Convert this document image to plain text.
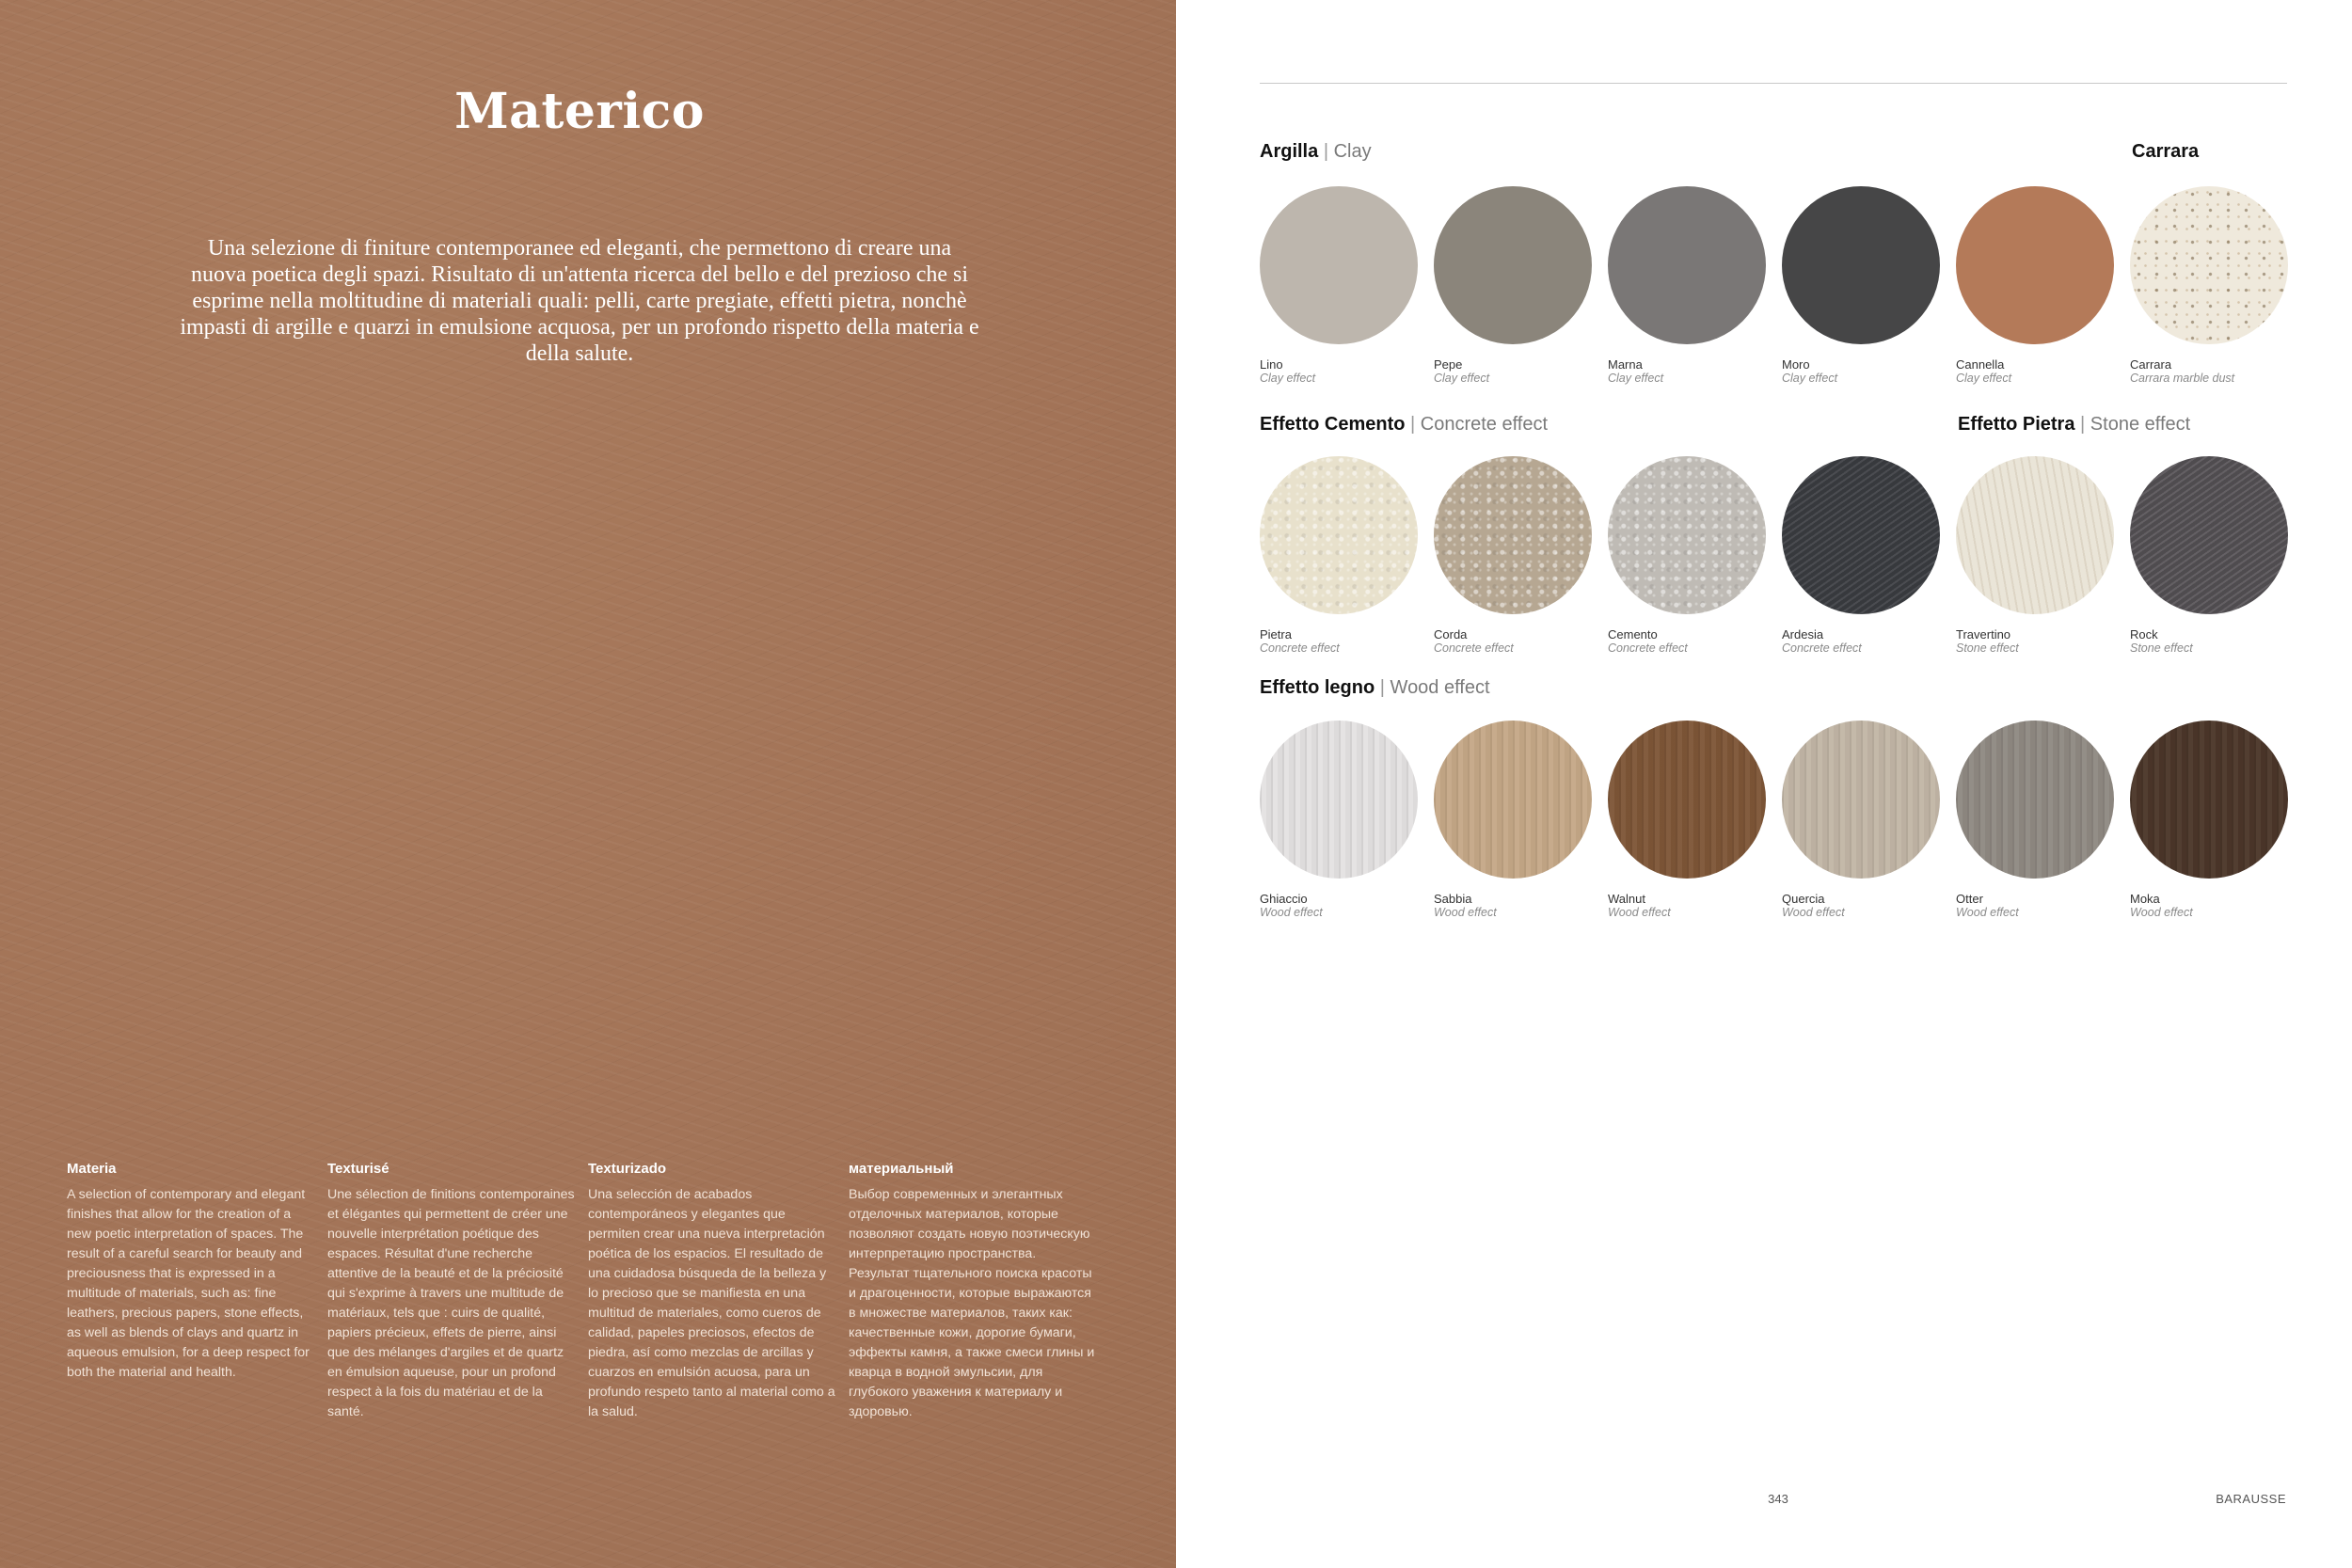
Materico

Una selezione di finiture contemporanee ed eleganti, che permettono di creare una nuova poetica degli spazi. Risultato di un'attenta ricerca del bello e del prezioso che si esprime nella moltitudine di materiali quali: pelli, carte pregiate, effetti pietra, nonchè impasti di argille e quarzi in emulsione acquosa, per un profondo rispetto della materia e della salute.

Materia

A selection of contemporary and elegant finishes that allow for the creation of a new poetic interpretation of spaces. The result of a careful search for beauty and preciousness that is expressed in a multitude of materials, such as: fine leathers, precious papers, stone effects, as well as blends of clays and quartz in aqueous emulsion, for a deep respect for both the material and health.

Texturisé

Une sélection de finitions contemporaines et élégantes qui permettent de créer une nouvelle interprétation poétique des espaces. Résultat d'une recherche attentive de la beauté et de la préciosité qui s'exprime à travers une multitude de matériaux, tels que : cuirs de qualité, papiers précieux, effets de pierre, ainsi que des mélanges d'argiles et de quartz en émulsion aqueuse, pour un profond respect à la fois du matériau et de la santé.

Texturizado

Una selección de acabados contemporáneos y elegantes que permiten crear una nueva interpretación poética de los espacios. El resultado de una cuidadosa búsqueda de la belleza y lo precioso que se manifiesta en una multitud de materiales, como cueros de calidad, papeles preciosos, efectos de piedra, así como mezclas de arcillas y cuarzos en emulsión acuosa, para un profundo respeto tanto al material como a la salud.

материальный

Выбор современных и элегантных отделочных материалов, которые позволяют создать новую поэтическую интерпретацию пространства. Результат тщательного поиска красоты и драгоценности, которые выражаются в множестве материалов, таких как: качественные кожи, дорогие бумаги, эффекты камня, а также смеси глины и кварца в водной эмульсии, для глубокого уважения к материалу и здоровью.

Argilla | Clay	Carrara
Effetto Cemento | Concrete effect	Effetto Pietra | Stone effect
Effetto legno | Wood effect
Lino
Clay effect
Pepe
Clay effect
Marna
Clay effect
Moro
Clay effect
Cannella
Clay effect
Carrara
Carrara marble dust
Pietra
Concrete effect
Corda
Concrete effect
Cemento
Concrete effect
Ardesia
Concrete effect
Travertino
Stone effect
Rock
Stone effect
Ghiaccio
Wood effect
Sabbia
Wood effect
Walnut
Wood effect
Quercia
Wood effect
Otter
Wood effect
Moka
Wood effect
343	BARAUSSE
